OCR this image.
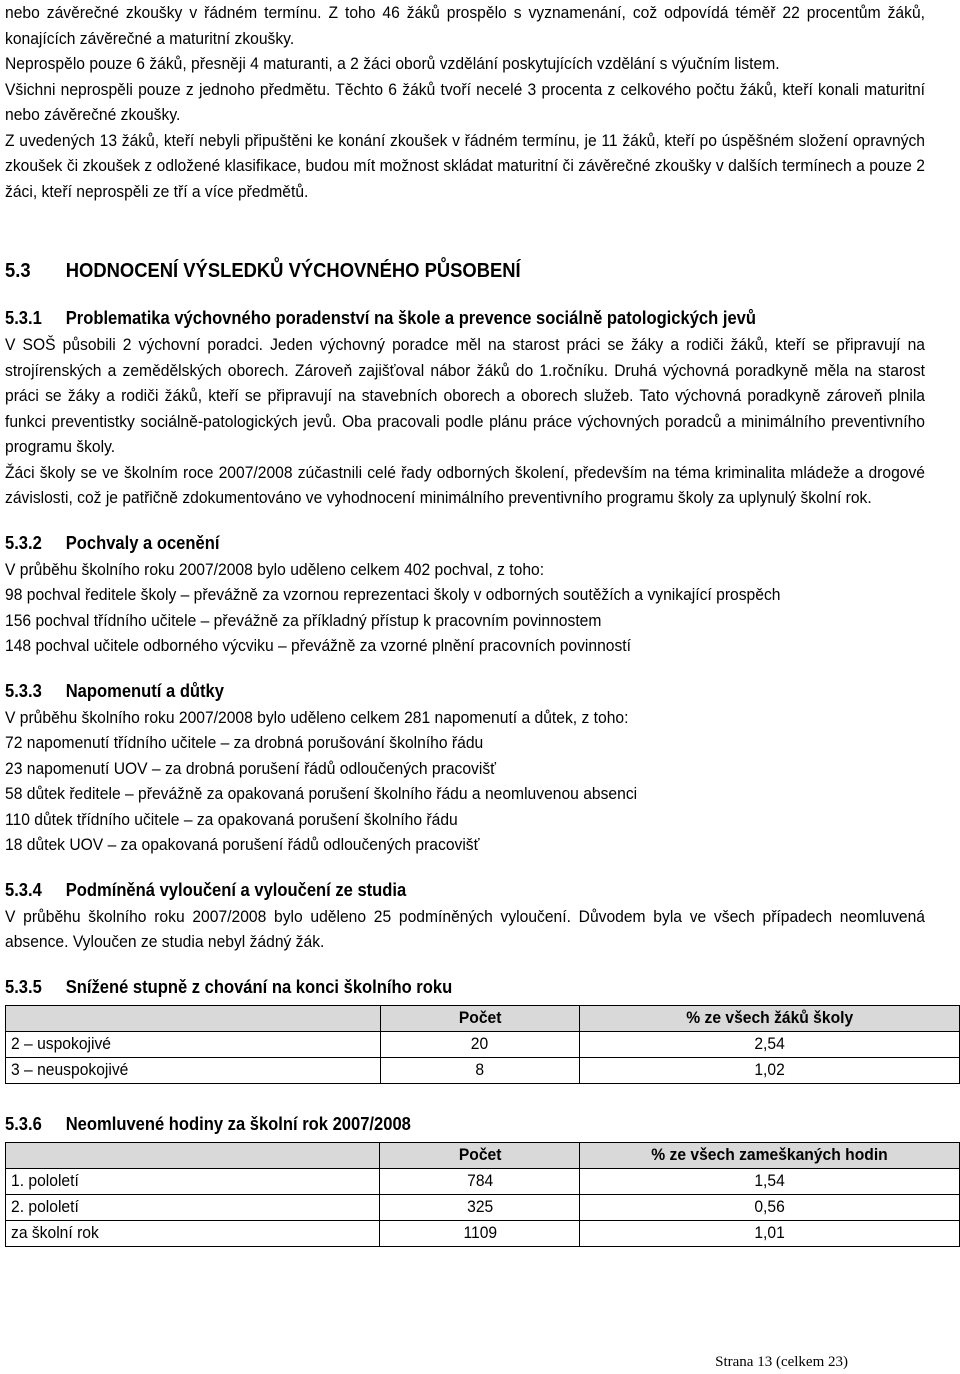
nebo závěrečné zkoušky v řádném termínu. Z toho 46 žáků prospělo s vyznamenání, což odpovídá téměř 22 procentům žáků, konajících závěrečné a maturitní zkoušky.

Neprospělo pouze 6 žáků, přesněji 4 maturanti, a 2 žáci oborů vzdělání poskytujících vzdělání s výučním listem.

Všichni neprospěli pouze z jednoho předmětu. Těchto 6 žáků tvoří necelé 3 procenta z celkového počtu žáků, kteří konali maturitní nebo závěrečné zkoušky.

Z uvedených 13 žáků, kteří nebyli připuštěni ke konání zkoušek v řádném termínu, je 11 žáků, kteří po úspěšném složení opravných zkoušek či zkoušek z odložené klasifikace, budou mít možnost skládat maturitní či závěrečné zkoušky v dalších termínech a pouze 2 žáci, kteří neprospěli ze tří a více předmětů.

5.3 HODNOCENÍ VÝSLEDKŮ VÝCHOVNÉHO PŮSOBENÍ
5.3.1 Problematika výchovného poradenství na škole a prevence sociálně patologických jevů

V SOŠ působili 2 výchovní poradci. Jeden výchovný poradce měl na starost práci se žáky a rodiči žáků, kteří se připravují na strojírenských a zemědělských oborech. Zároveň zajišťoval nábor žáků do 1.ročníku. Druhá výchovná poradkyně měla na starost práci se žáky a rodiči žáků, kteří se připravují na stavebních oborech a oborech služeb. Tato výchovná poradkyně zároveň plnila funkci preventistky sociálně-patologických jevů. Oba pracovali podle plánu práce výchovných poradců a minimálního preventivního programu školy.

Žáci školy se ve školním roce 2007/2008 zúčastnili celé řady odborných školení, především na téma kriminalita mládeže a drogové závislosti, což je patřičně zdokumentováno ve vyhodnocení minimálního preventivního programu školy za uplynulý školní rok.

5.3.2 Pochvaly a ocenění
V průběhu školního roku 2007/2008 bylo uděleno celkem 402 pochval, z toho:
98 pochval ředitele školy – převážně za vzornou reprezentaci školy v odborných soutěžích a vynikající prospěch
156 pochval třídního učitele – převážně za příkladný přístup k pracovním povinnostem
148 pochval učitele odborného výcviku – převážně za vzorné plnění pracovních povinností
5.3.3 Napomenutí a důtky
V průběhu školního roku 2007/2008 bylo uděleno celkem 281 napomenutí a důtek, z toho:
72 napomenutí třídního učitele – za drobná porušování školního řádu
23 napomenutí UOV – za drobná porušení řádů odloučených pracovišť
58 důtek ředitele – převážně za opakovaná porušení školního řádu a neomluvenou absenci
110 důtek třídního učitele – za opakovaná porušení školního řádu
18 důtek UOV – za opakovaná porušení řádů odloučených pracovišť
5.3.4 Podmíněná vyloučení a vyloučení ze studia

V průběhu školního roku 2007/2008 bylo uděleno 25 podmíněných vyloučení. Důvodem byla ve všech případech neomluvená absence. Vyloučen ze studia nebyl žádný žák.

5.3.5 Snížené stupně z chování na konci školního roku
	Počet	% ze všech žáků školy
2 – uspokojivé	20	2,54
3 – neuspokojivé	8	1,02
5.3.6 Neomluvené hodiny za školní rok 2007/2008
	Počet	% ze všech zameškaných hodin
1. pololetí	784	1,54
2. pololetí	325	0,56
za školní rok	1109	1,01
Strana 13 (celkem 23)
